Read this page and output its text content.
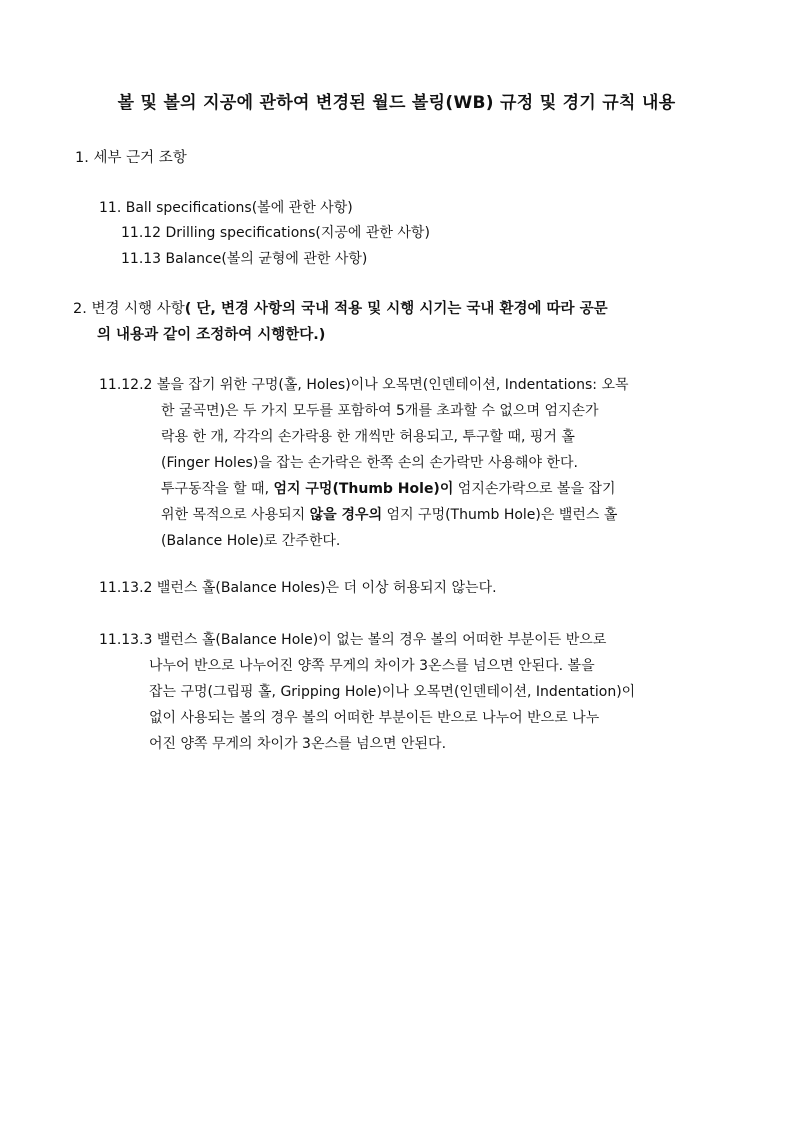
볼 및 볼의 지공에 관하여 변경된 월드 볼링(WB) 규정 및 경기 규칙 내용
1. 세부 근거 조항
11. Ball specifications(볼에 관한 사항)
11.12 Drilling specifications(지공에 관한 사항)
11.13 Balance(볼의 균형에 관한 사항)
2. 변경 시행 사항( 단, 변경 사항의 국내 적용 및 시행 시기는 국내 환경에 따라 공문
의 내용과 같이 조정하여 시행한다.)
11.12.2 볼을 잡기 위한 구멍(홀, Holes)이나 오목면(인덴테이션, Indentations: 오목
한 굴곡면)은 두 가지 모두를 포함하여 5개를 초과할 수 없으며 엄지손가
락용 한 개, 각각의 손가락용 한 개씩만 허용되고, 투구할 때, 핑거 홀
(Finger Holes)을 잡는 손가락은 한쪽 손의 손가락만 사용해야 한다.
투구동작을 할 때, 엄지 구멍(Thumb Hole)이 엄지손가락으로 볼을 잡기
위한 목적으로 사용되지 않을 경우의 엄지 구멍(Thumb Hole)은 밸런스 홀
(Balance Hole)로 간주한다.
11.13.2 밸런스 홀(Balance Holes)은 더 이상 허용되지 않는다.
11.13.3 밸런스 홀(Balance Hole)이 없는 볼의 경우 볼의 어떠한 부분이든 반으로
나누어 반으로 나누어진 양쪽 무게의 차이가 3온스를 넘으면 안된다. 볼을
잡는 구멍(그립핑 홀, Gripping Hole)이나 오목면(인덴테이션, Indentation)이
없이 사용되는 볼의 경우 볼의 어떠한 부분이든 반으로 나누어 반으로 나누
어진 양쪽 무게의 차이가 3온스를 넘으면 안된다.
